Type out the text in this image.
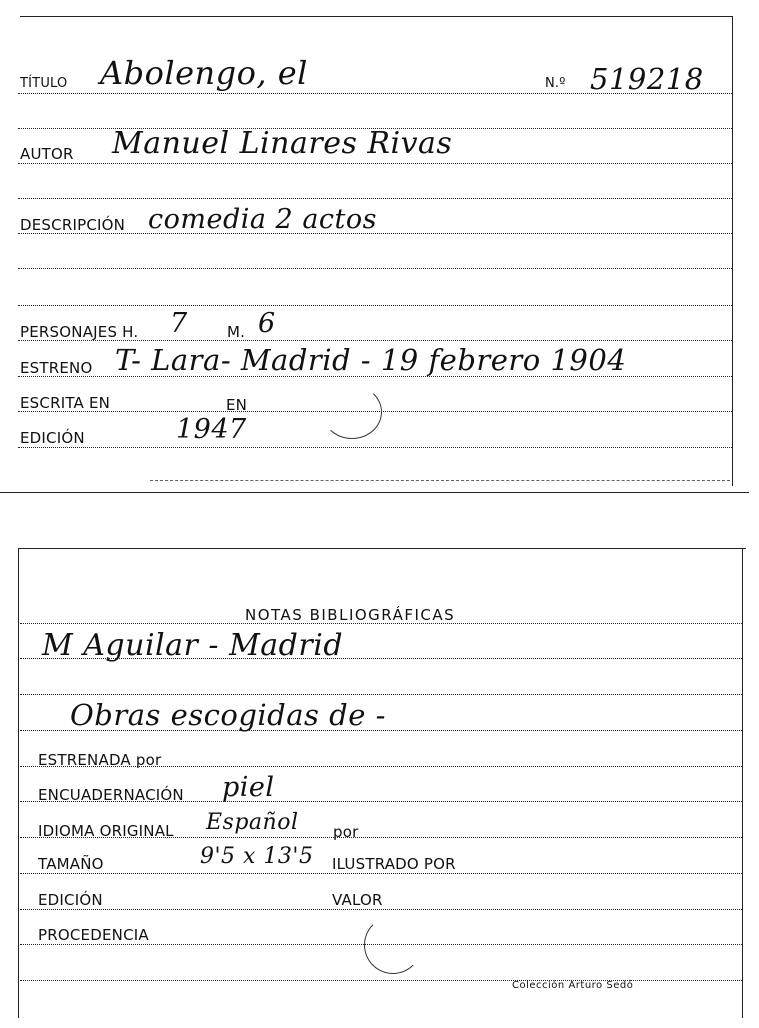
TÍTULO Abolengo, el	N.º 519218
AUTOR Manuel Linares Rivas
DESCRIPCIÓN comedia 2 actos
PERSONAJES H. 7	M. 6
ESTRENO T- Lara- Madrid - 19 febrero 1904
ESCRITA EN	EN
EDICIÓN	1947
NOTAS BIBLIOGRÁFICAS
M Aguilar - Madrid
Obras escogidas de -
ESTRENADA por
ENCUADERNACIÓN piel
IDIOMA ORIGINAL Español por
TAMAÑO	9'5 x 13'5 ILUSTRADO POR
EDICIÓN	VALOR
PROCEDENCIA
Colección Arturo Sedó
